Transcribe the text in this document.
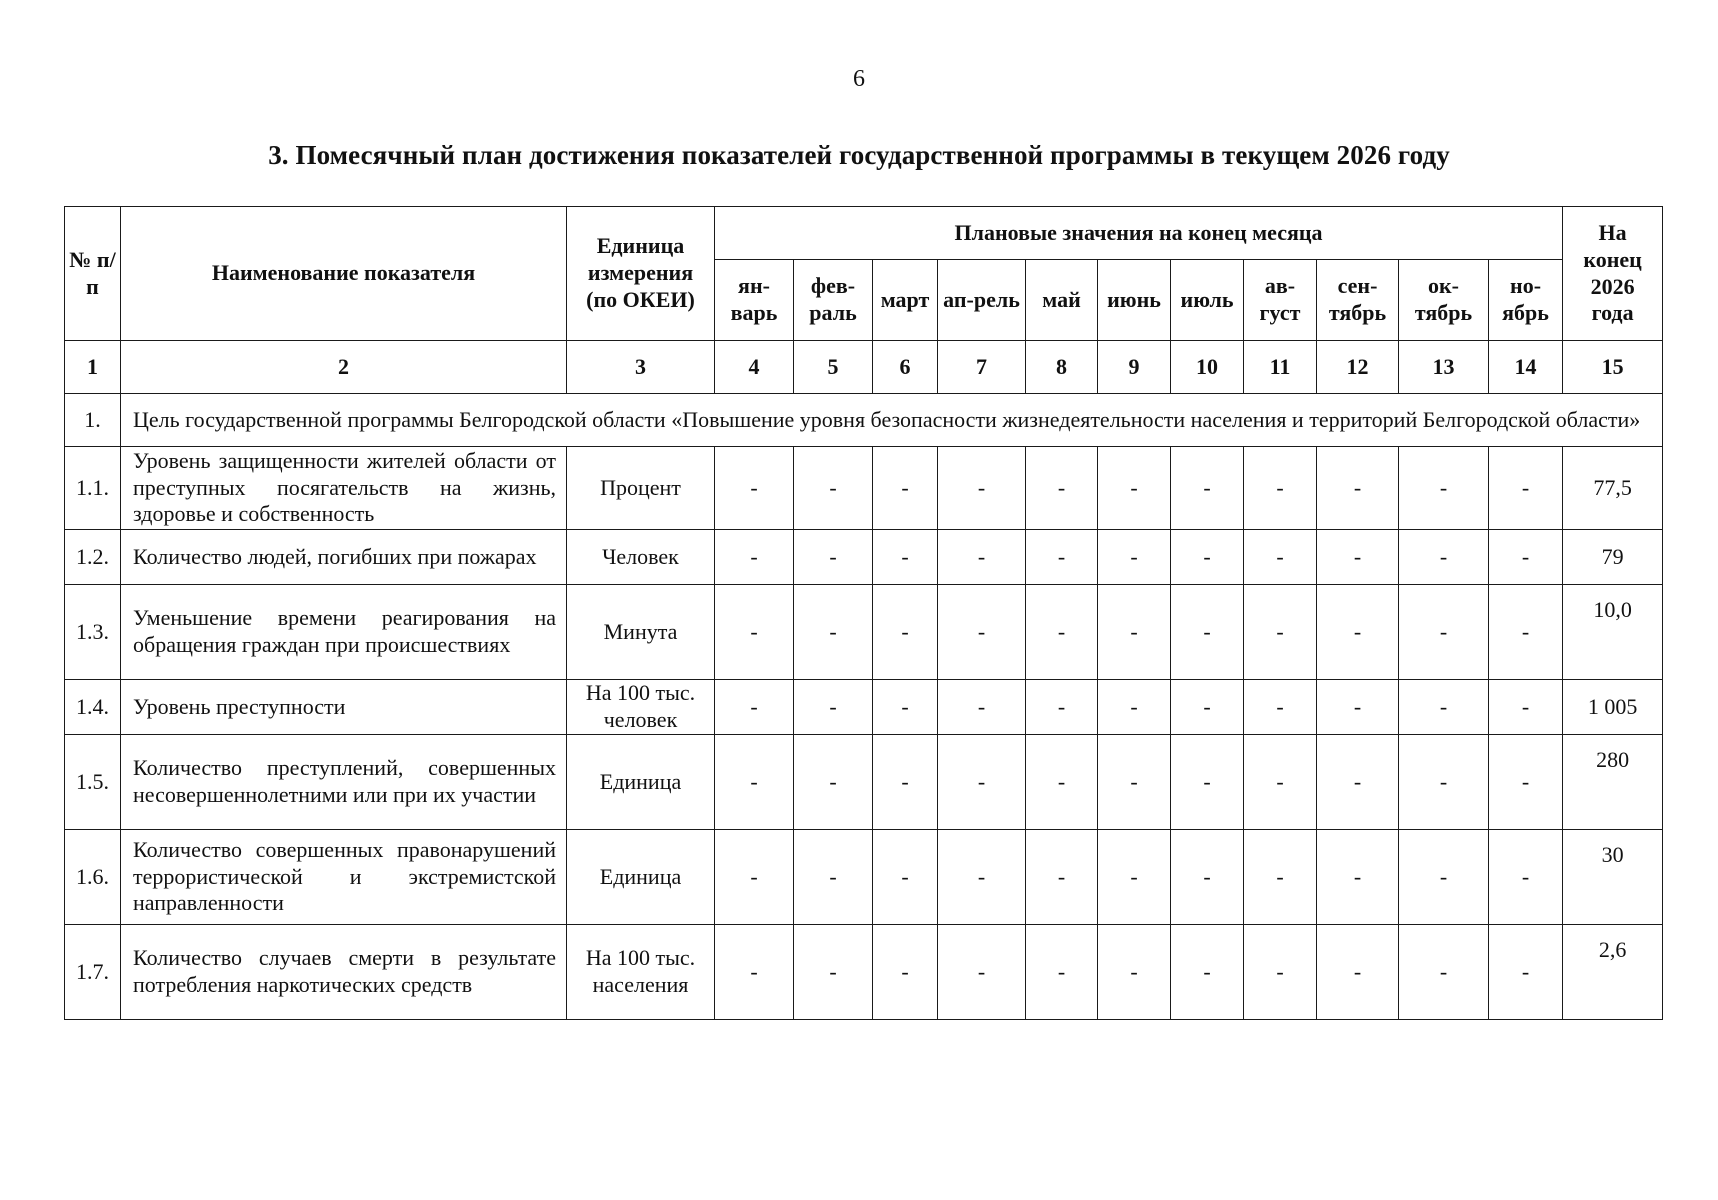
6
3. Помесячный план достижения показателей государственной программы в текущем 2026 году
№ п/п	Наименование показателя	Единица измерения (по ОКЕИ)	Плановые значения на конец месяца											На конец 2026 года
			ян-варь	фев-раль	март	ап-рель	май	июнь	июль	ав-густ	сен-тябрь	ок-тябрь	но-ябрь	
1	2	3	4	5	6	7	8	9	10	11	12	13	14	15
1.	Цель государственной программы Белгородской области «Повышение уровня безопасности жизнедеятельности населения и территорий Белгородской области»													
1.1.	Уровень защищенности жителей области от преступных посягательств на жизнь, здоровье и собственность	Процент	-	-	-	-	-	-	-	-	-	-	-	77,5
1.2.	Количество людей, погибших при пожарах	Человек	-	-	-	-	-	-	-	-	-	-	-	79
1.3.	Уменьшение времени реагирования на обращения граждан при происшествиях	Минута	-	-	-	-	-	-	-	-	-	-	-	10,0
1.4.	Уровень преступности	На 100 тыс. человек	-	-	-	-	-	-	-	-	-	-	-	1 005
1.5.	Количество преступлений, совершенных несовершеннолетними или при их участии	Единица	-	-	-	-	-	-	-	-	-	-	-	280
1.6.	Количество совершенных правонарушений террористической и экстремистской направленности	Единица	-	-	-	-	-	-	-	-	-	-	-	30
1.7.	Количество случаев смерти в результате потребления наркотических средств	На 100 тыс. населения	-	-	-	-	-	-	-	-	-	-	-	2,6
